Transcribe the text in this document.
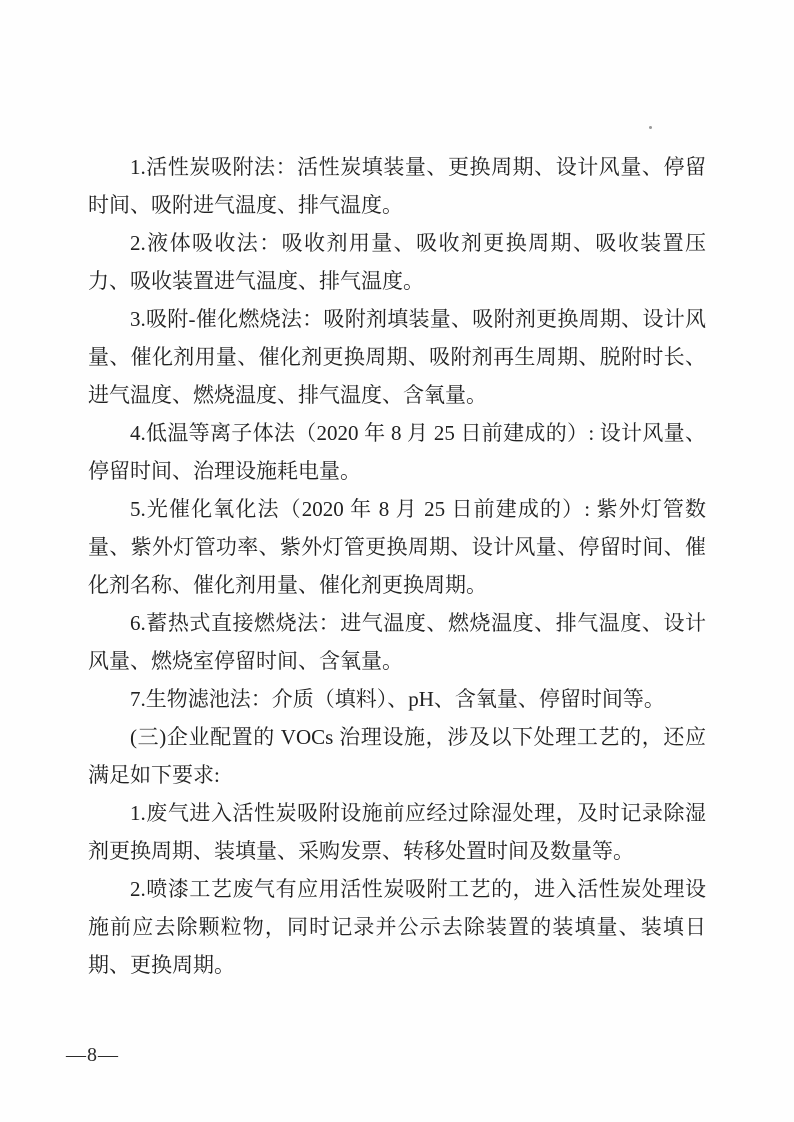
1.活性炭吸附法：活性炭填装量、更换周期、设计风量、停留时间、吸附进气温度、排气温度。

2.液体吸收法：吸收剂用量、吸收剂更换周期、吸收装置压力、吸收装置进气温度、排气温度。

3.吸附-催化燃烧法：吸附剂填装量、吸附剂更换周期、设计风量、催化剂用量、催化剂更换周期、吸附剂再生周期、脱附时长、进气温度、燃烧温度、排气温度、含氧量。

4.低温等离子体法（2020 年 8 月 25 日前建成的）: 设计风量、停留时间、治理设施耗电量。

5.光催化氧化法（2020 年 8 月 25 日前建成的）: 紫外灯管数量、紫外灯管功率、紫外灯管更换周期、设计风量、停留时间、催化剂名称、催化剂用量、催化剂更换周期。

6.蓄热式直接燃烧法：进气温度、燃烧温度、排气温度、设计风量、燃烧室停留时间、含氧量。

7.生物滤池法：介质（填料）、pH、含氧量、停留时间等。

(三)企业配置的 VOCs 治理设施，涉及以下处理工艺的，还应满足如下要求:

1.废气进入活性炭吸附设施前应经过除湿处理，及时记录除湿剂更换周期、装填量、采购发票、转移处置时间及数量等。

2.喷漆工艺废气有应用活性炭吸附工艺的，进入活性炭处理设施前应去除颗粒物，同时记录并公示去除装置的装填量、装填日期、更换周期。

—8—
